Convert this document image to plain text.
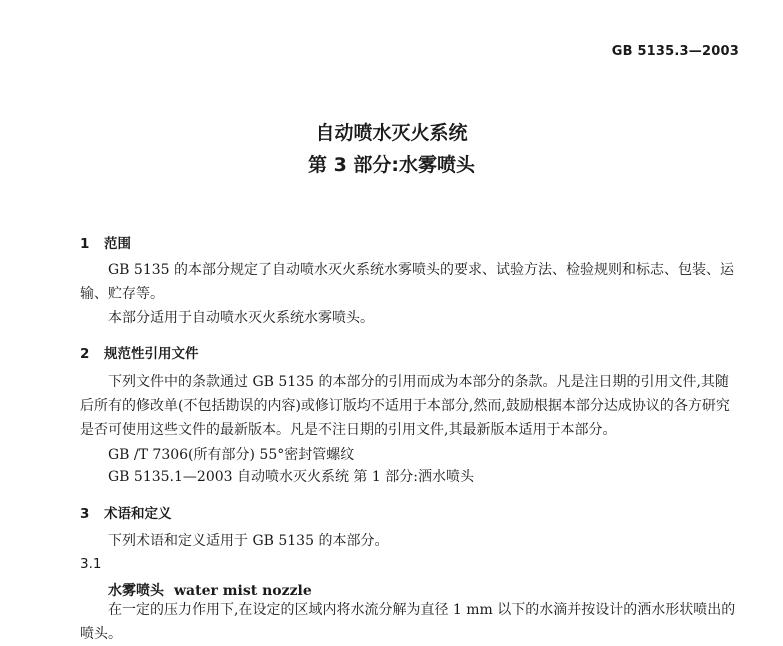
GB 5135.3—2003
自动喷水灭火系统
第 3 部分:水雾喷头
1 范围
GB 5135 的本部分规定了自动喷水灭火系统水雾喷头的要求、试验方法、检验规则和标志、包装、运输、贮存等。
本部分适用于自动喷水灭火系统水雾喷头。
2 规范性引用文件
下列文件中的条款通过 GB 5135 的本部分的引用而成为本部分的条款。凡是注日期的引用文件,其随后所有的修改单(不包括勘误的内容)或修订版均不适用于本部分,然而,鼓励根据本部分达成协议的各方研究是否可使用这些文件的最新版本。凡是不注日期的引用文件,其最新版本适用于本部分。
GB /T 7306(所有部分) 55°密封管螺纹
GB 5135.1—2003 自动喷水灭火系统 第 1 部分:洒水喷头
3 术语和定义
下列术语和定义适用于 GB 5135 的本部分。
3.1
水雾喷头 water mist nozzle
在一定的压力作用下,在设定的区域内将水流分解为直径 1 mm 以下的水滴并按设计的洒水形状喷出的喷头。
